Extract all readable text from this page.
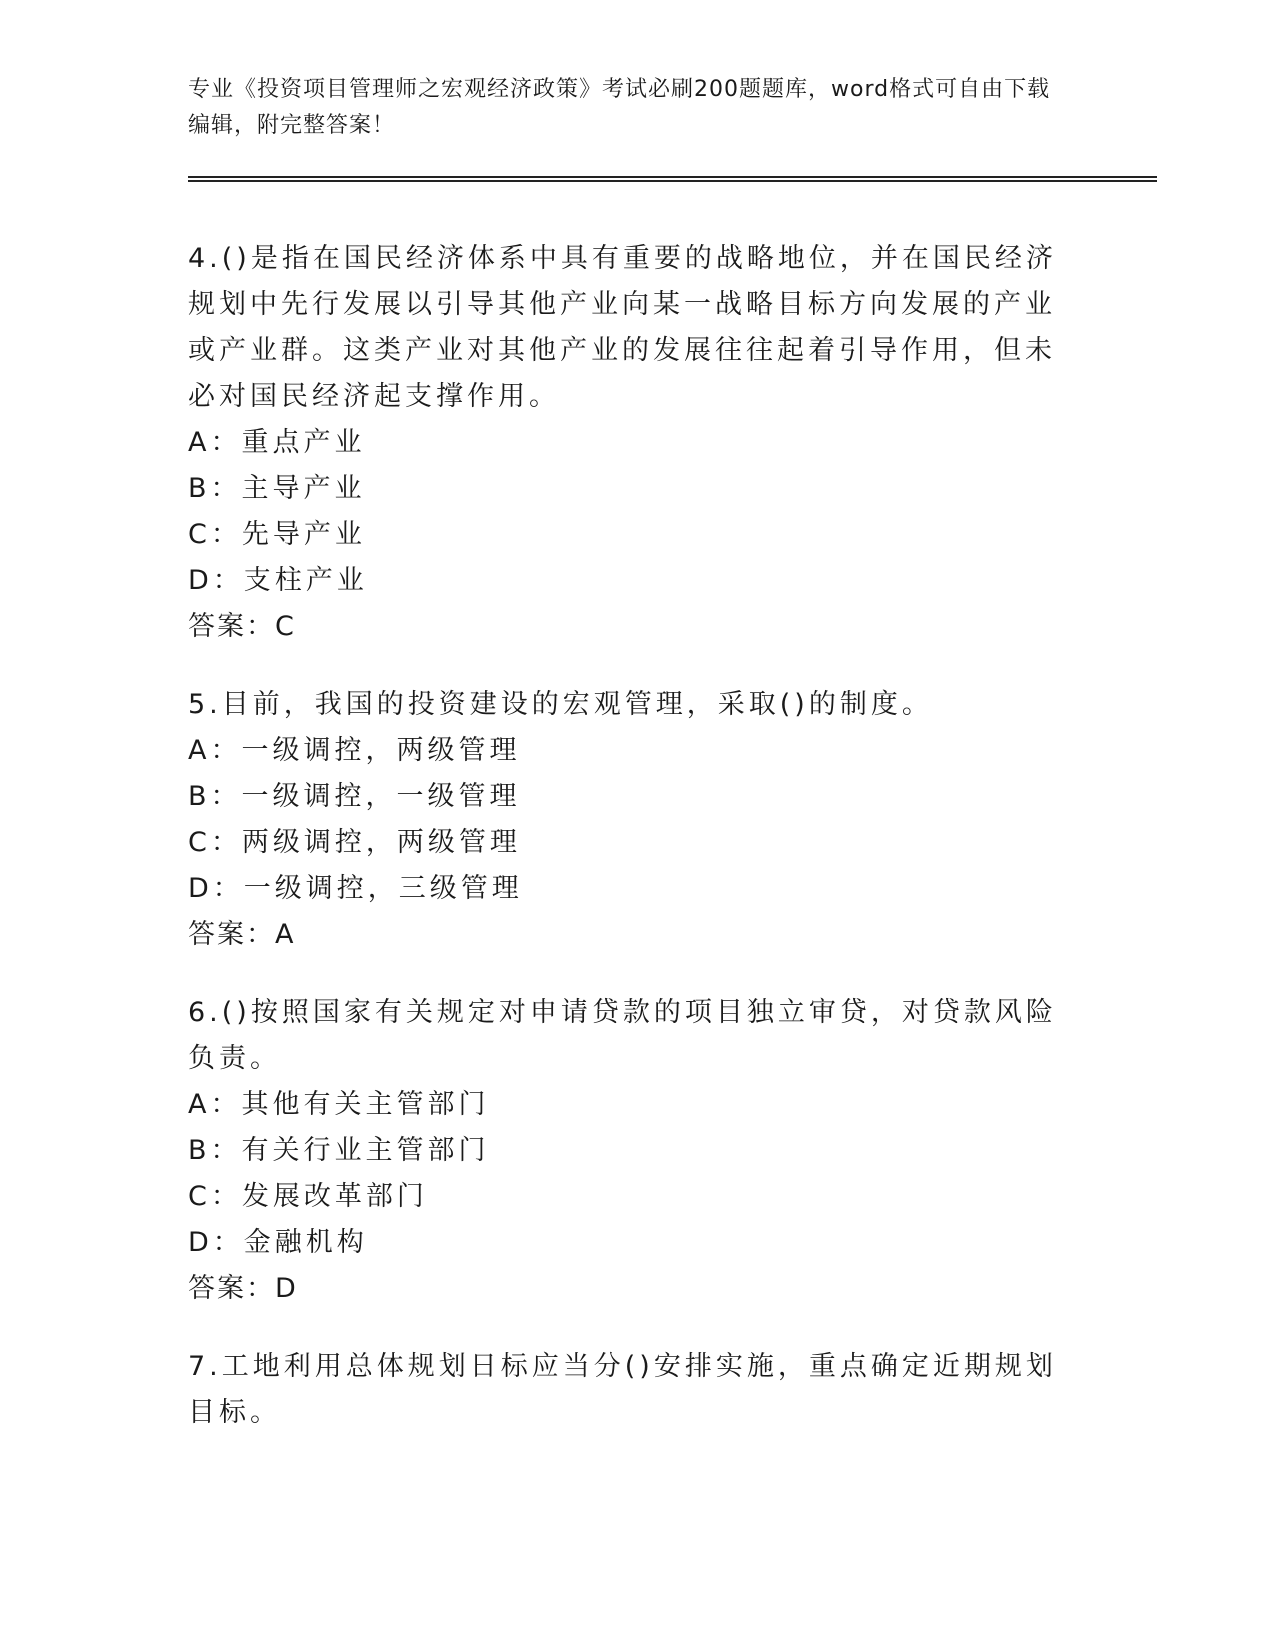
专业《投资项目管理师之宏观经济政策》考试必刷200题题库，word格式可自由下载编辑，附完整答案！

4.()是指在国民经济体系中具有重要的战略地位，并在国民经济规划中先行发展以引导其他产业向某一战略目标方向发展的产业或产业群。这类产业对其他产业的发展往往起着引导作用，但未必对国民经济起支撑作用。

A：重点产业
B：主导产业
C：先导产业
D：支柱产业

答案：C

5.目前，我国的投资建设的宏观管理，采取()的制度。

A：一级调控，两级管理
B：一级调控，一级管理
C：两级调控，两级管理
D：一级调控，三级管理

答案：A

6.()按照国家有关规定对申请贷款的项目独立审贷，对贷款风险负责。

A：其他有关主管部门
B：有关行业主管部门
C：发展改革部门
D：金融机构

答案：D

7.工地利用总体规划日标应当分()安排实施，重点确定近期规划目标。
